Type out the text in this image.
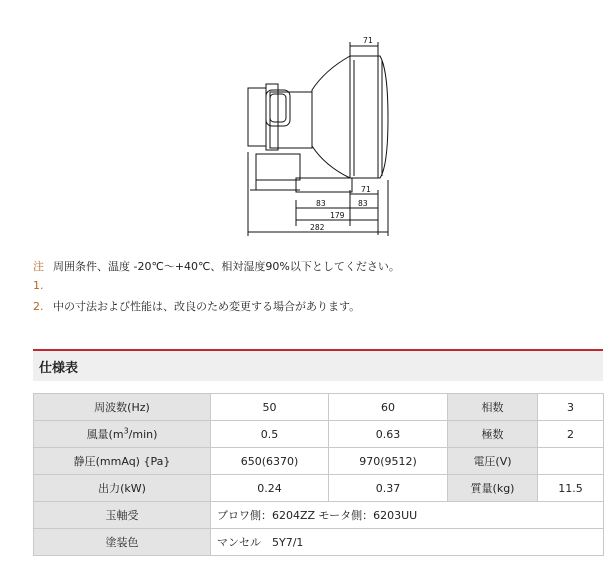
71
71
83	83
179
282
注 周囲条件、温度 -20℃～+40℃、相対湿度90%以下としてください。
1.
2. 中の寸法および性能は、改良のため変更する場合があります。
仕様表
周波数(Hz)	50	60	相数	3
風量$(m^3/\min)$	0.5	0.63	極数	2
静圧(mmAq) {Pa}	650(6370)	970(9512)	電圧(V)	
出力(kW)	0.24	0.37	質量(kg)	11.5
玉軸受	ブロワ側：6204ZZ モータ側：6203UU			
塗装色	マンセル　5Y7/1			
